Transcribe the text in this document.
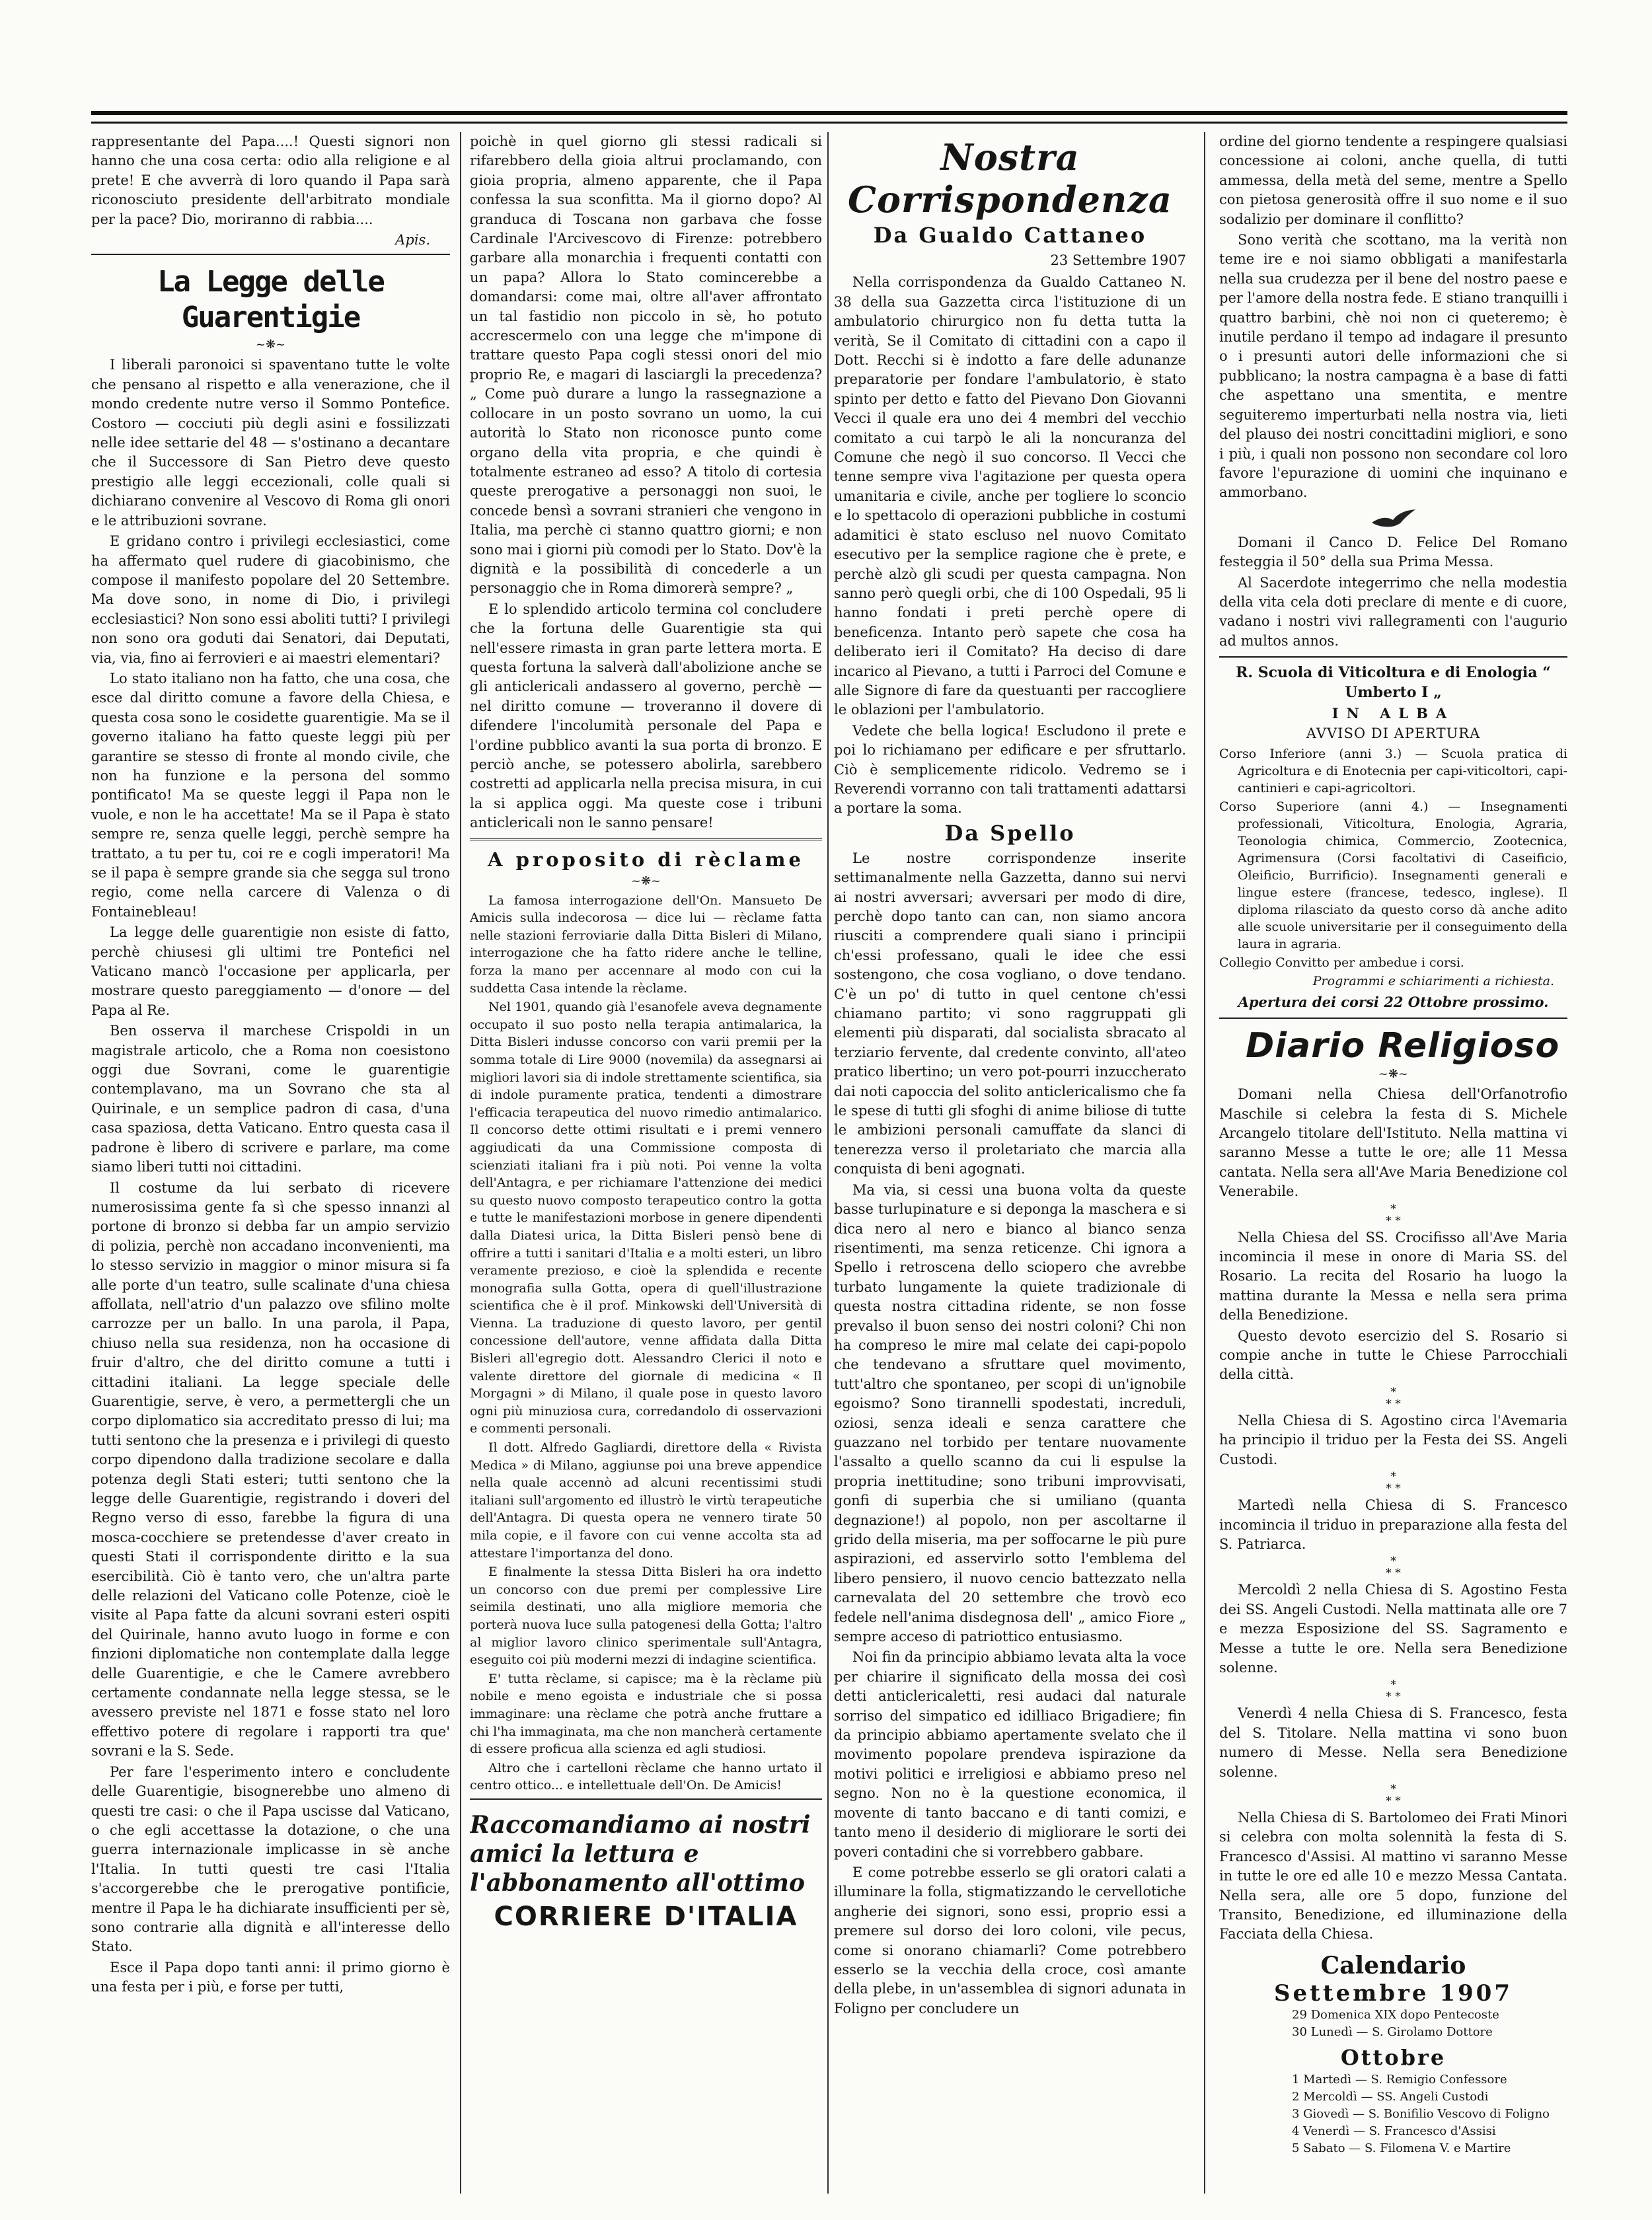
rappresentante del Papa....! Questi signori non hanno che una cosa certa: odio alla religione e al prete! E che avverrà di loro quando il Papa sarà riconosciuto presidente dell'arbitrato mondiale per la pace? Dio, moriranno di rabbia....

Apis.
La Legge delle Guarentigie
~❋~

I liberali paronoici si spaventano tutte le volte che pensano al rispetto e alla venerazione, che il mondo credente nutre verso il Sommo Pontefice. Costoro — cocciuti più degli asini e fossilizzati nelle idee settarie del 48 — s'ostinano a decantare che il Successore di San Pietro deve questo prestigio alle leggi eccezionali, colle quali si dichiarano convenire al Vescovo di Roma gli onori e le attribuzioni sovrane.

E gridano contro i privilegi ecclesiastici, come ha affermato quel rudere di giacobinismo, che compose il manifesto popolare del 20 Settembre. Ma dove sono, in nome di Dio, i privilegi ecclesiastici? Non sono essi aboliti tutti? I privilegi non sono ora goduti dai Senatori, dai Deputati, via, via, fino ai ferrovieri e ai maestri elementari?

Lo stato italiano non ha fatto, che una cosa, che esce dal diritto comune a favore della Chiesa, e questa cosa sono le cosidette guarentigie. Ma se il governo italiano ha fatto queste leggi più per garantire se stesso di fronte al mondo civile, che non ha funzione e la persona del sommo pontificato! Ma se queste leggi il Papa non le vuole, e non le ha accettate! Ma se il Papa è stato sempre re, senza quelle leggi, perchè sempre ha trattato, a tu per tu, coi re e cogli imperatori! Ma se il papa è sempre grande sia che segga sul trono regio, come nella carcere di Valenza o di Fontainebleau!

La legge delle guarentigie non esiste di fatto, perchè chiusesi gli ultimi tre Pontefici nel Vaticano mancò l'occasione per applicarla, per mostrare questo pareggiamento — d'onore — del Papa al Re.

Ben osserva il marchese Crispoldi in un magistrale articolo, che a Roma non coesistono oggi due Sovrani, come le guarentigie contemplavano, ma un Sovrano che sta al Quirinale, e un semplice padron di casa, d'una casa spaziosa, detta Vaticano. Entro questa casa il padrone è libero di scrivere e parlare, ma come siamo liberi tutti noi cittadini.

Il costume da lui serbato di ricevere numerosissima gente fa sì che spesso innanzi al portone di bronzo si debba far un ampio servizio di polizia, perchè non accadano inconvenienti, ma lo stesso servizio in maggior o minor misura si fa alle porte d'un teatro, sulle scalinate d'una chiesa affollata, nell'atrio d'un palazzo ove sfilino molte carrozze per un ballo. In una parola, il Papa, chiuso nella sua residenza, non ha occasione di fruir d'altro, che del diritto comune a tutti i cittadini italiani. La legge speciale delle Guarentigie, serve, è vero, a permettergli che un corpo diplomatico sia accreditato presso di lui; ma tutti sentono che la presenza e i privilegi di questo corpo dipendono dalla tradizione secolare e dalla potenza degli Stati esteri; tutti sentono che la legge delle Guarentigie, registrando i doveri del Regno verso di esso, farebbe la figura di una mosca-cocchiere se pretendesse d'aver creato in questi Stati il corrispondente diritto e la sua esercibilità. Ciò è tanto vero, che un'altra parte delle relazioni del Vaticano colle Potenze, cioè le visite al Papa fatte da alcuni sovrani esteri ospiti del Quirinale, hanno avuto luogo in forme e con finzioni diplomatiche non contemplate dalla legge delle Guarentigie, e che le Camere avrebbero certamente condannate nella legge stessa, se le avessero previste nel 1871 e fosse stato nel loro effettivo potere di regolare i rapporti tra que' sovrani e la S. Sede.

Per fare l'esperimento intero e concludente delle Guarentigie, bisognerebbe uno almeno di questi tre casi: o che il Papa uscisse dal Vaticano, o che egli accettasse la dotazione, o che una guerra internazionale implicasse in sè anche l'Italia. In tutti questi tre casi l'Italia s'accorgerebbe che le prerogative pontificie, mentre il Papa le ha dichiarate insufficienti per sè, sono contrarie alla dignità e all'interesse dello Stato.

Esce il Papa dopo tanti anni: il primo giorno è una festa per i più, e forse per tutti,

poichè in quel giorno gli stessi radicali si rifarebbero della gioia altrui proclamando, con gioia propria, almeno apparente, che il Papa confessa la sua sconfitta. Ma il giorno dopo? Al granduca di Toscana non garbava che fosse Cardinale l'Arcivescovo di Firenze: potrebbero garbare alla monarchia i frequenti contatti con un papa? Allora lo Stato comincerebbe a domandarsi: come mai, oltre all'aver affrontato un tal fastidio non piccolo in sè, ho potuto accrescermelo con una legge che m'impone di trattare questo Papa cogli stessi onori del mio proprio Re, e magari di lasciargli la precedenza? „ Come può durare a lungo la rassegnazione a collocare in un posto sovrano un uomo, la cui autorità lo Stato non riconosce punto come organo della vita propria, e che quindi è totalmente estraneo ad esso? A titolo di cortesia queste prerogative a personaggi non suoi, le concede bensì a sovrani stranieri che vengono in Italia, ma perchè ci stanno quattro giorni; e non sono mai i giorni più comodi per lo Stato. Dov'è la dignità e la possibilità di concederle a un personaggio che in Roma dimorerà sempre? „

E lo splendido articolo termina col concludere che la fortuna delle Guarentigie sta qui nell'essere rimasta in gran parte lettera morta. E questa fortuna la salverà dall'abolizione anche se gli anticlericali andassero al governo, perchè — nel diritto comune — troveranno il dovere di difendere l'incolumità personale del Papa e l'ordine pubblico avanti la sua porta di bronzo. E perciò anche, se potessero abolirla, sarebbero costretti ad applicarla nella precisa misura, in cui la si applica oggi. Ma queste cose i tribuni anticlericali non le sanno pensare!

A proposito di rèclame
~❋~

La famosa interrogazione dell'On. Mansueto De Amicis sulla indecorosa — dice lui — rèclame fatta nelle stazioni ferroviarie dalla Ditta Bisleri di Milano, interrogazione che ha fatto ridere anche le telline, forza la mano per accennare al modo con cui la suddetta Casa intende la rèclame.

Nel 1901, quando già l'esanofele aveva degnamente occupato il suo posto nella terapia antimalarica, la Ditta Bisleri indusse concorso con varii premii per la somma totale di Lire 9000 (novemila) da assegnarsi ai migliori lavori sia di indole strettamente scientifica, sia di indole puramente pratica, tendenti a dimostrare l'efficacia terapeutica del nuovo rimedio antimalarico. Il concorso dette ottimi risultati e i premi vennero aggiudicati da una Commissione composta di scienziati italiani fra i più noti. Poi venne la volta dell'Antagra, e per richiamare l'attenzione dei medici su questo nuovo composto terapeutico contro la gotta e tutte le manifestazioni morbose in genere dipendenti dalla Diatesi urica, la Ditta Bisleri pensò bene di offrire a tutti i sanitari d'Italia e a molti esteri, un libro veramente prezioso, e cioè la splendida e recente monografia sulla Gotta, opera di quell'illustrazione scientifica che è il prof. Minkowski dell'Università di Vienna. La traduzione di questo lavoro, per gentil concessione dell'autore, venne affidata dalla Ditta Bisleri all'egregio dott. Alessandro Clerici il noto e valente direttore del giornale di medicina « Il Morgagni » di Milano, il quale pose in questo lavoro ogni più minuziosa cura, corredandolo di osservazioni e commenti personali.

Il dott. Alfredo Gagliardi, direttore della « Rivista Medica » di Milano, aggiunse poi una breve appendice nella quale accennò ad alcuni recentissimi studi italiani sull'argomento ed illustrò le virtù terapeutiche dell'Antagra. Di questa opera ne vennero tirate 50 mila copie, e il favore con cui venne accolta sta ad attestare l'importanza del dono.

E finalmente la stessa Ditta Bisleri ha ora indetto un concorso con due premi per complessive Lire seimila destinati, uno alla migliore memoria che porterà nuova luce sulla patogenesi della Gotta; l'altro al miglior lavoro clinico sperimentale sull'Antagra, eseguito coi più moderni mezzi di indagine scientifica.

E' tutta rèclame, si capisce; ma è la rèclame più nobile e meno egoista e industriale che si possa immaginare: una rèclame che potrà anche fruttare a chi l'ha immaginata, ma che non mancherà certamente di essere proficua alla scienza ed agli studiosi.

Altro che i cartelloni rèclame che hanno urtato il centro ottico... e intellettuale dell'On. De Amicis!

Raccomandiamo ai nostri amici la lettura e l'abbonamento all'ottimo
CORRIERE D'ITALIA
Nostra Corrispondenza
Da Gualdo Cattaneo
23 Settembre 1907

Nella corrispondenza da Gualdo Cattaneo N. 38 della sua Gazzetta circa l'istituzione di un ambulatorio chirurgico non fu detta tutta la verità, Se il Comitato di cittadini con a capo il Dott. Recchi si è indotto a fare delle adunanze preparatorie per fondare l'ambulatorio, è stato spinto per detto e fatto del Pievano Don Giovanni Vecci il quale era uno dei 4 membri del vecchio comitato a cui tarpò le ali la noncuranza del Comune che negò il suo concorso. Il Vecci che tenne sempre viva l'agitazione per questa opera umanitaria e civile, anche per togliere lo sconcio e lo spettacolo di operazioni pubbliche in costumi adamitici è stato escluso nel nuovo Comitato esecutivo per la semplice ragione che è prete, e perchè alzò gli scudi per questa campagna. Non sanno però quegli orbi, che di 100 Ospedali, 95 li hanno fondati i preti perchè opere di beneficenza. Intanto però sapete che cosa ha deliberato ieri il Comitato? Ha deciso di dare incarico al Pievano, a tutti i Parroci del Comune e alle Signore di fare da questuanti per raccogliere le oblazioni per l'ambulatorio.

Vedete che bella logica! Escludono il prete e poi lo richiamano per edificare e per sfruttarlo. Ciò è semplicemente ridicolo. Vedremo se i Reverendi vorranno con tali trattamenti adattarsi a portare la soma.

Da Spello

Le nostre corrispondenze inserite settimanalmente nella Gazzetta, danno sui nervi ai nostri avversari; avversari per modo di dire, perchè dopo tanto can can, non siamo ancora riusciti a comprendere quali siano i principii ch'essi professano, quali le idee che essi sostengono, che cosa vogliano, o dove tendano. C'è un po' di tutto in quel centone ch'essi chiamano partito; vi sono raggruppati gli elementi più disparati, dal socialista sbracato al terziario fervente, dal credente convinto, all'ateo pratico libertino; un vero pot-pourri inzuccherato dai noti capoccia del solito anticlericalismo che fa le spese di tutti gli sfoghi di anime biliose di tutte le ambizioni personali camuffate da slanci di tenerezza verso il proletariato che marcia alla conquista di beni agognati.

Ma via, si cessi una buona volta da queste basse turlupinature e si deponga la maschera e si dica nero al nero e bianco al bianco senza risentimenti, ma senza reticenze. Chi ignora a Spello i retroscena dello sciopero che avrebbe turbato lungamente la quiete tradizionale di questa nostra cittadina ridente, se non fosse prevalso il buon senso dei nostri coloni? Chi non ha compreso le mire mal celate dei capi-popolo che tendevano a sfruttare quel movimento, tutt'altro che spontaneo, per scopi di un'ignobile egoismo? Sono tirannelli spodestati, increduli, oziosi, senza ideali e senza carattere che guazzano nel torbido per tentare nuovamente l'assalto a quello scanno da cui li espulse la propria inettitudine; sono tribuni improvvisati, gonfi di superbia che si umiliano (quanta degnazione!) al popolo, non per ascoltarne il grido della miseria, ma per soffocarne le più pure aspirazioni, ed asservirlo sotto l'emblema del libero pensiero, il nuovo cencio battezzato nella carnevalata del 20 settembre che trovò eco fedele nell'anima disdegnosa dell' „ amico Fiore „ sempre acceso di patriottico entusiasmo.

Noi fin da principio abbiamo levata alta la voce per chiarire il significato della mossa dei così detti anticlericaletti, resi audaci dal naturale sorriso del simpatico ed idilliaco Brigadiere; fin da principio abbiamo apertamente svelato che il movimento popolare prendeva ispirazione da motivi politici e irreligiosi e abbiamo preso nel segno. Non no è la questione economica, il movente di tanto baccano e di tanti comizi, e tanto meno il desiderio di migliorare le sorti dei poveri contadini che si vorrebbero gabbare.

E come potrebbe esserlo se gli oratori calati a illuminare la folla, stigmatizzando le cervellotiche angherie dei signori, sono essi, proprio essi a premere sul dorso dei loro coloni, vile pecus, come si onorano chiamarli? Come potrebbero esserlo se la vecchia della croce, così amante della plebe, in un'assemblea di signori adunata in Foligno per concludere un

ordine del giorno tendente a respingere qualsiasi concessione ai coloni, anche quella, di tutti ammessa, della metà del seme, mentre a Spello con pietosa generosità offre il suo nome e il suo sodalizio per dominare il conflitto?

Sono verità che scottano, ma la verità non teme ire e noi siamo obbligati a manifestarla nella sua crudezza per il bene del nostro paese e per l'amore della nostra fede. E stiano tranquilli i quattro barbini, chè noi non ci queteremo; è inutile perdano il tempo ad indagare il presunto o i presunti autori delle informazioni che si pubblicano; la nostra campagna è a base di fatti che aspettano una smentita, e mentre seguiteremo imperturbati nella nostra via, lieti del plauso dei nostri concittadini migliori, e sono i più, i quali non possono non secondare col loro favore l'epurazione di uomini che inquinano e ammorbano.

Domani il Canco D. Felice Del Romano festeggia il 50° della sua Prima Messa.

Al Sacerdote integerrimo che nella modestia della vita cela doti preclare di mente e di cuore, vadano i nostri vivi rallegramenti con l'augurio ad multos annos.

R. Scuola di Viticoltura e di Enologia “ Umberto I „
IN ALBA
AVVISO DI APERTURA

Corso Inferiore (anni 3.) — Scuola pratica di Agricoltura e di Enotecnia per capi-viticoltori, capi-cantinieri e capi-agricoltori.

Corso Superiore (anni 4.) — Insegnamenti professionali, Viticoltura, Enologia, Agraria, Teonologia chimica, Commercio, Zootecnica, Agrimensura (Corsi facoltativi di Caseificio, Oleificio, Burrificio). Insegnamenti generali e lingue estere (francese, tedesco, inglese). Il diploma rilasciato da questo corso dà anche adito alle scuole universitarie per il conseguimento della laura in agraria.

Collegio Convitto per ambedue i corsi.

Programmi e schiarimenti a richiesta.
Apertura dei corsi 22 Ottobre prossimo.
Diario Religioso
~❋~

Domani nella Chiesa dell'Orfanotrofio Maschile si celebra la festa di S. Michele Arcangelo titolare dell'Istituto. Nella mattina vi saranno Messe a tutte le ore; alle 11 Messa cantata. Nella sera all'Ave Maria Benedizione col Venerabile.

*
* *

Nella Chiesa del SS. Crocifisso all'Ave Maria incomincia il mese in onore di Maria SS. del Rosario. La recita del Rosario ha luogo la mattina durante la Messa e nella sera prima della Benedizione.

Questo devoto esercizio del S. Rosario si compie anche in tutte le Chiese Parrocchiali della città.

*
* *

Nella Chiesa di S. Agostino circa l'Avemaria ha principio il triduo per la Festa dei SS. Angeli Custodi.

*
* *

Martedì nella Chiesa di S. Francesco incomincia il triduo in preparazione alla festa del S. Patriarca.

*
* *

Mercoldì 2 nella Chiesa di S. Agostino Festa dei SS. Angeli Custodi. Nella mattinata alle ore 7 e mezza Esposizione del SS. Sagramento e Messe a tutte le ore. Nella sera Benedizione solenne.

*
* *

Venerdì 4 nella Chiesa di S. Francesco, festa del S. Titolare. Nella mattina vi sono buon numero di Messe. Nella sera Benedizione solenne.

*
* *

Nella Chiesa di S. Bartolomeo dei Frati Minori si celebra con molta solennità la festa di S. Francesco d'Assisi. Al mattino vi saranno Messe in tutte le ore ed alle 10 e mezzo Messa Cantata. Nella sera, alle ore 5 dopo, funzione del Transito, Benedizione, ed illuminazione della Facciata della Chiesa.

Calendario
Settembre 1907

29 Domenica XIX dopo Pentecoste

30 Lunedì — S. Girolamo Dottore

Ottobre

1 Martedì — S. Remigio Confessore

2 Mercoldì — SS. Angeli Custodi

3 Giovedì — S. Bonifilio Vescovo di Foligno

4 Venerdì — S. Francesco d'Assisi

5 Sabato — S. Filomena V. e Martire
